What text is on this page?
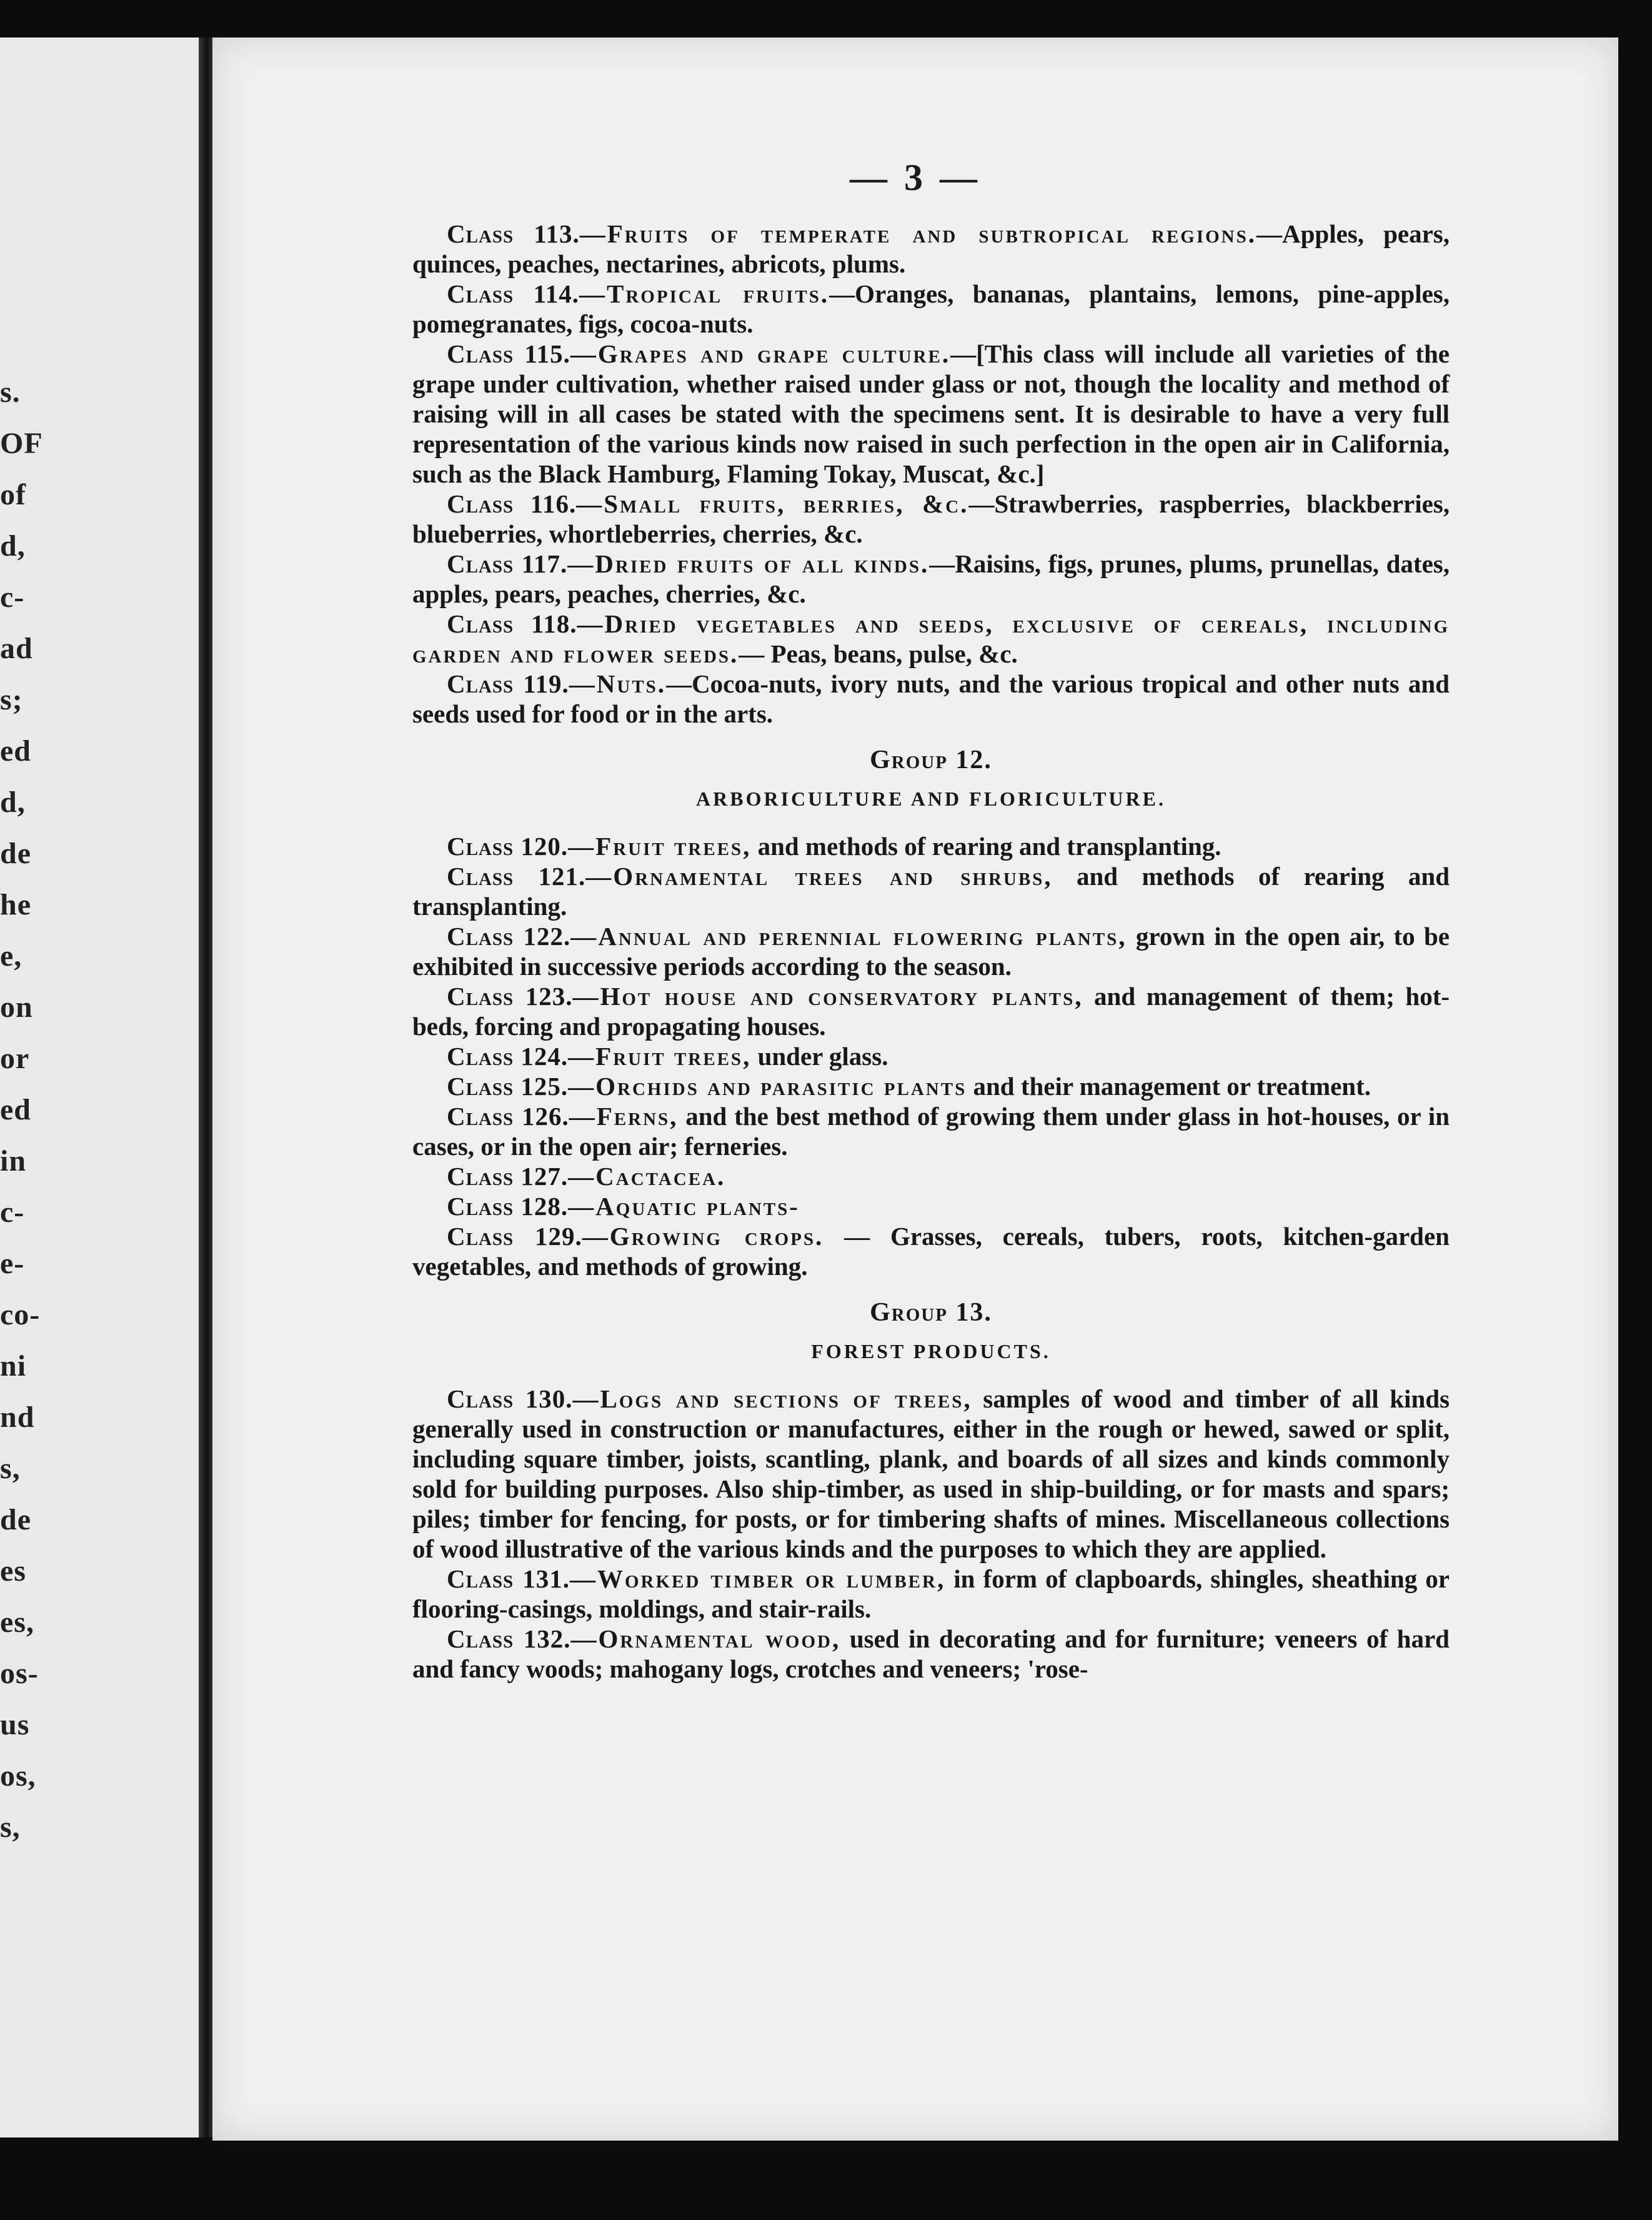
s.
OF
of
d,
c-
ad
s;
ed
d,
de
he
e,
on
or
ed
in
c-
e-
co-
ni
nd
s,
de
es
es,
os-
us
os,
s,
— 3 —

Class 113.—Fruits of temperate and subtropical regions.—Apples, pears, quinces, peaches, nectarines, abricots, plums.

Class 114.—Tropical fruits.—Oranges, bananas, plantains, lemons, pine-apples, pomegranates, figs, cocoa-nuts.

Class 115.—Grapes and grape culture.—[This class will include all varieties of the grape under cultivation, whether raised under glass or not, though the locality and method of raising will in all cases be stated with the specimens sent. It is desirable to have a very full representation of the various kinds now raised in such perfection in the open air in California, such as the Black Hamburg, Flaming Tokay, Muscat, &c.]

Class 116.—Small fruits, berries, &c.—Strawberries, raspberries, blackberries, blueberries, whortleberries, cherries, &c.

Class 117.—Dried fruits of all kinds.—Raisins, figs, prunes, plums, prunellas, dates, apples, pears, peaches, cherries, &c.

Class 118.—Dried vegetables and seeds, exclusive of cereals, including garden and flower seeds.— Peas, beans, pulse, &c.

Class 119.—Nuts.—Cocoa-nuts, ivory nuts, and the various tropical and other nuts and seeds used for food or in the arts.

Group 12.
ARBORICULTURE AND FLORICULTURE.

Class 120.—Fruit trees, and methods of rearing and transplanting.

Class 121.—Ornamental trees and shrubs, and methods of rearing and transplanting.

Class 122.—Annual and perennial flowering plants, grown in the open air, to be exhibited in successive periods according to the season.

Class 123.—Hot house and conservatory plants, and management of them; hot-beds, forcing and propagating houses.

Class 124.—Fruit trees, under glass.

Class 125.—Orchids and parasitic plants and their management or treatment.

Class 126.—Ferns, and the best method of growing them under glass in hot-houses, or in cases, or in the open air; ferneries.

Class 127.—Cactacea.

Class 128.—Aquatic plants-

Class 129.—Growing crops. — Grasses, cereals, tubers, roots, kitchen-garden vegetables, and methods of growing.

Group 13.
FOREST PRODUCTS.

Class 130.—Logs and sections of trees, samples of wood and timber of all kinds generally used in construction or manufactures, either in the rough or hewed, sawed or split, including square timber, joists, scantling, plank, and boards of all sizes and kinds commonly sold for building purposes. Also ship-timber, as used in ship-building, or for masts and spars; piles; timber for fencing, for posts, or for timbering shafts of mines. Miscellaneous collections of wood illustrative of the various kinds and the purposes to which they are applied.

Class 131.—Worked timber or lumber, in form of clapboards, shingles, sheathing or flooring-casings, moldings, and stair-rails.

Class 132.—Ornamental wood, used in decorating and for furniture; veneers of hard and fancy woods; mahogany logs, crotches and veneers; 'rose-
